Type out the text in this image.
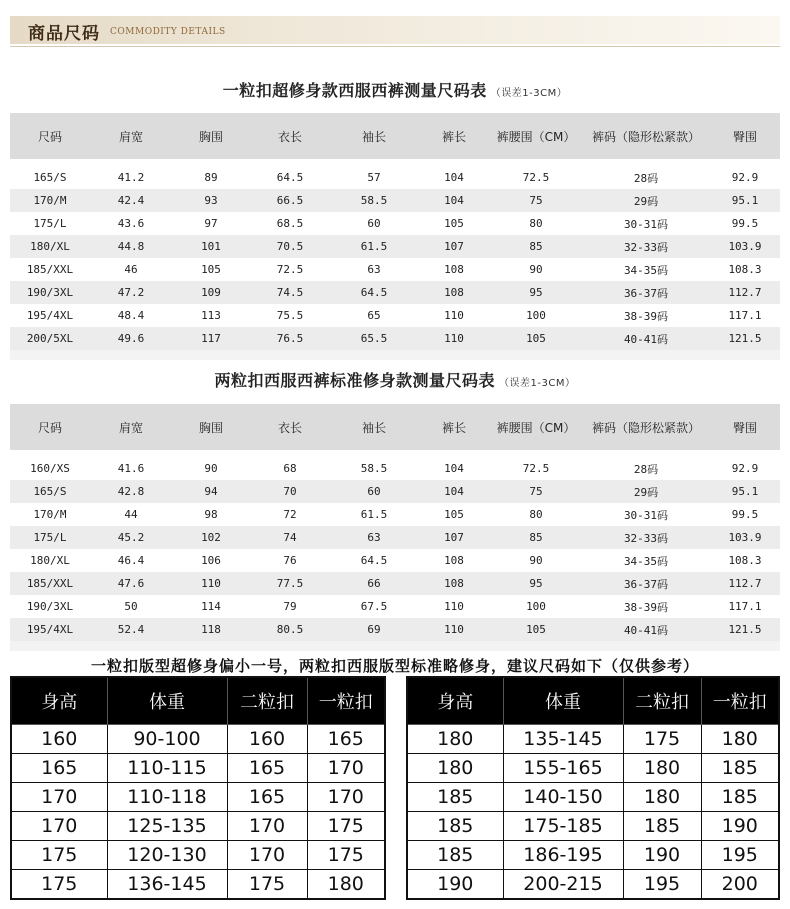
商品尺码 COMMODITY DETAILS
一粒扣超修身款西服西裤测量尺码表 （误差1-3CM）
尺码	肩宽	胸围	衣长	袖长	裤长	裤腰围（CM）	裤码（隐形松紧款）	臀围

165/S	41.2	89	64.5	57	104	72.5	28码	92.9
170/M	42.4	93	66.5	58.5	104	75	29码	95.1
175/L	43.6	97	68.5	60	105	80	30-31码	99.5
180/XL	44.8	101	70.5	61.5	107	85	32-33码	103.9
185/XXL	46	105	72.5	63	108	90	34-35码	108.3
190/3XL	47.2	109	74.5	64.5	108	95	36-37码	112.7
195/4XL	48.4	113	75.5	65	110	100	38-39码	117.1
200/5XL	49.6	117	76.5	65.5	110	105	40-41码	121.5

两粒扣西服西裤标准修身款测量尺码表 （误差1-3CM）
尺码	肩宽	胸围	衣长	袖长	裤长	裤腰围（CM）	裤码（隐形松紧款）	臀围

160/XS	41.6	90	68	58.5	104	72.5	28码	92.9
165/S	42.8	94	70	60	104	75	29码	95.1
170/M	44	98	72	61.5	105	80	30-31码	99.5
175/L	45.2	102	74	63	107	85	32-33码	103.9
180/XL	46.4	106	76	64.5	108	90	34-35码	108.3
185/XXL	47.6	110	77.5	66	108	95	36-37码	112.7
190/3XL	50	114	79	67.5	110	100	38-39码	117.1
195/4XL	52.4	118	80.5	69	110	105	40-41码	121.5

一粒扣版型超修身偏小一号，两粒扣西服版型标准略修身，建议尺码如下（仅供参考）
身高	体重	二粒扣	一粒扣
160	90-100	160	165
165	110-115	165	170
170	110-118	165	170
170	125-135	170	175
175	120-130	170	175
175	136-145	175	180
身高	体重	二粒扣	一粒扣
180	135-145	175	180
180	155-165	180	185
185	140-150	180	185
185	175-185	185	190
185	186-195	190	195
190	200-215	195	200
